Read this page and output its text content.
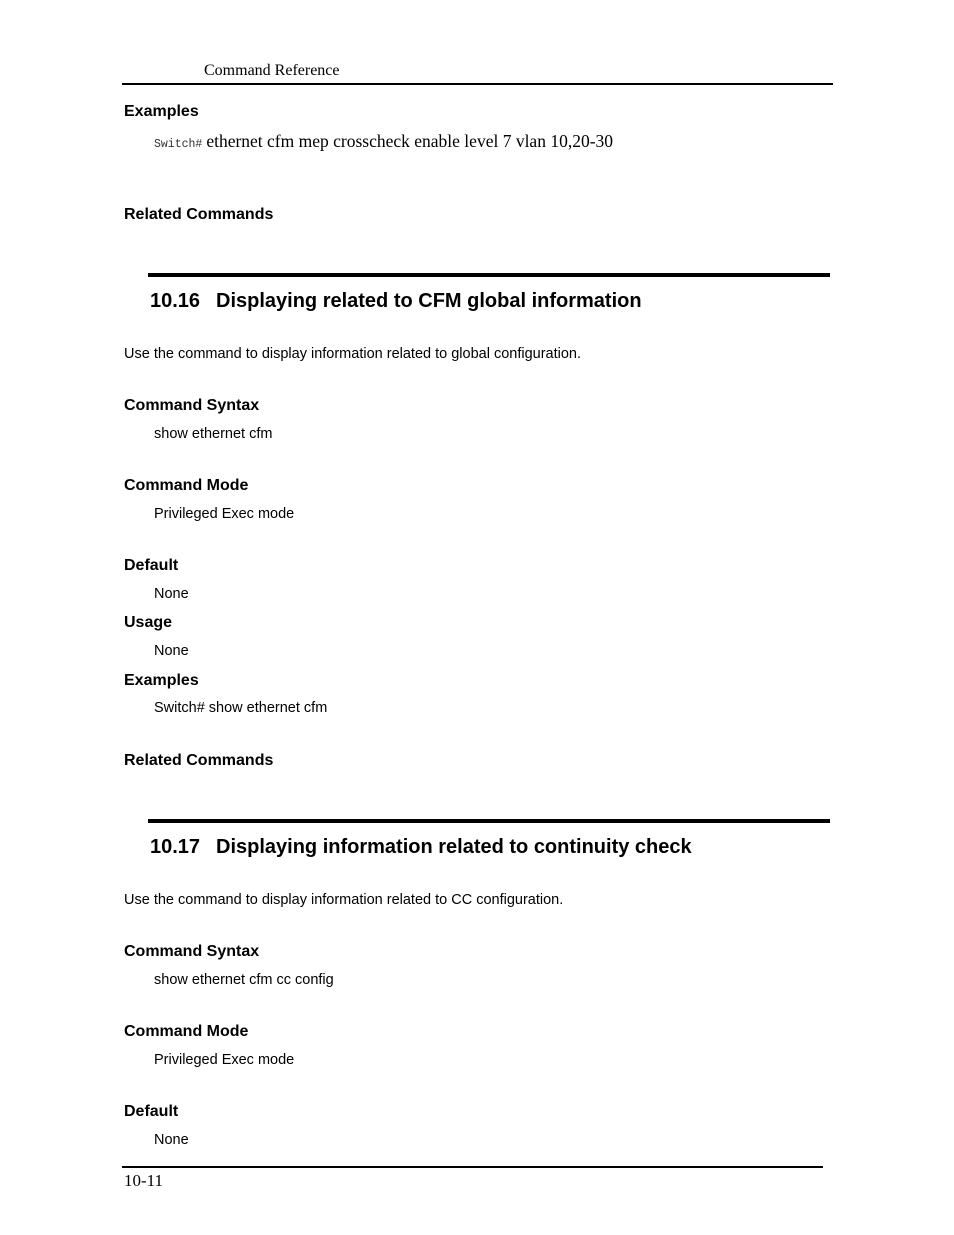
Command Reference
Examples
Switch# ethernet cfm mep crosscheck enable level 7 vlan 10,20-30
Related Commands
10.16 Displaying related to CFM global information
Use the command to display information related to global configuration.
Command Syntax
show ethernet cfm
Command Mode
Privileged Exec mode
Default
None
Usage
None
Examples
Switch# show ethernet cfm
Related Commands
10.17 Displaying information related to continuity check
Use the command to display information related to CC configuration.
Command Syntax
show ethernet cfm cc config
Command Mode
Privileged Exec mode
Default
None
10-11
